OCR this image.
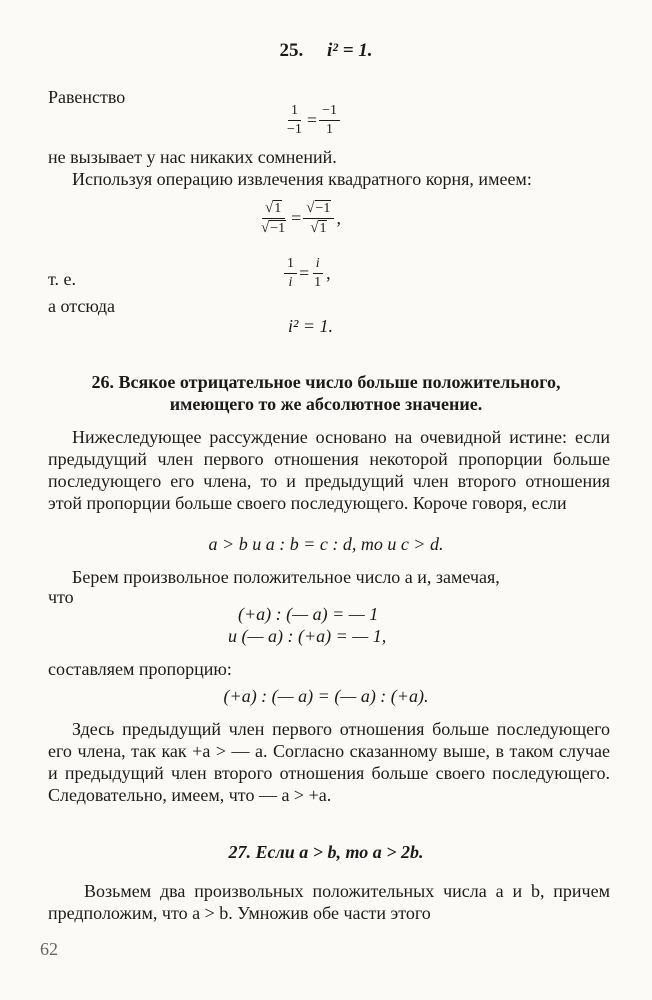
25. i² = 1.
Равенство
$\frac{1}{-1} = \frac{-1}{1}$
не вызывает у нас никаких сомнений.
Используя операцию извлечения квадратного корня, имеем:
$\frac{√1}{√-1} = \frac{√-1}{√1}$ ,
т. е.	$\frac{1}{i} = \frac{i}{1}$ ,
а отсюда
i² = 1.
26. Всякое отрицательное число больше положительного,
имеющего то же абсолютное значение.
Нижеследующее рассуждение основано на очевидной истине: если предыдущий член первого отношения некоторой пропорции больше последующего его члена, то и предыдущий член второго отношения этой пропорции больше своего последующего. Короче говоря, если
a > b и a : b = c : d, то и c > d.
Берем произвольное положительное число a и, замечая,
что
(+a) : (— a) = — 1
и (— a) : (+a) = — 1,
составляем пропорцию:
(+a) : (— a) = (— a) : (+a).
Здесь предыдущий член первого отношения больше последующего его члена, так как +a > — a. Согласно сказанному выше, в таком случае и предыдущий член второго отношения больше своего последующего. Следовательно, имеем, что — a > +a.
27. Если a > b, то a > 2b.
Возьмем два произвольных положительных числа a и b, причем предположим, что a > b. Умножив обе части этого
62
